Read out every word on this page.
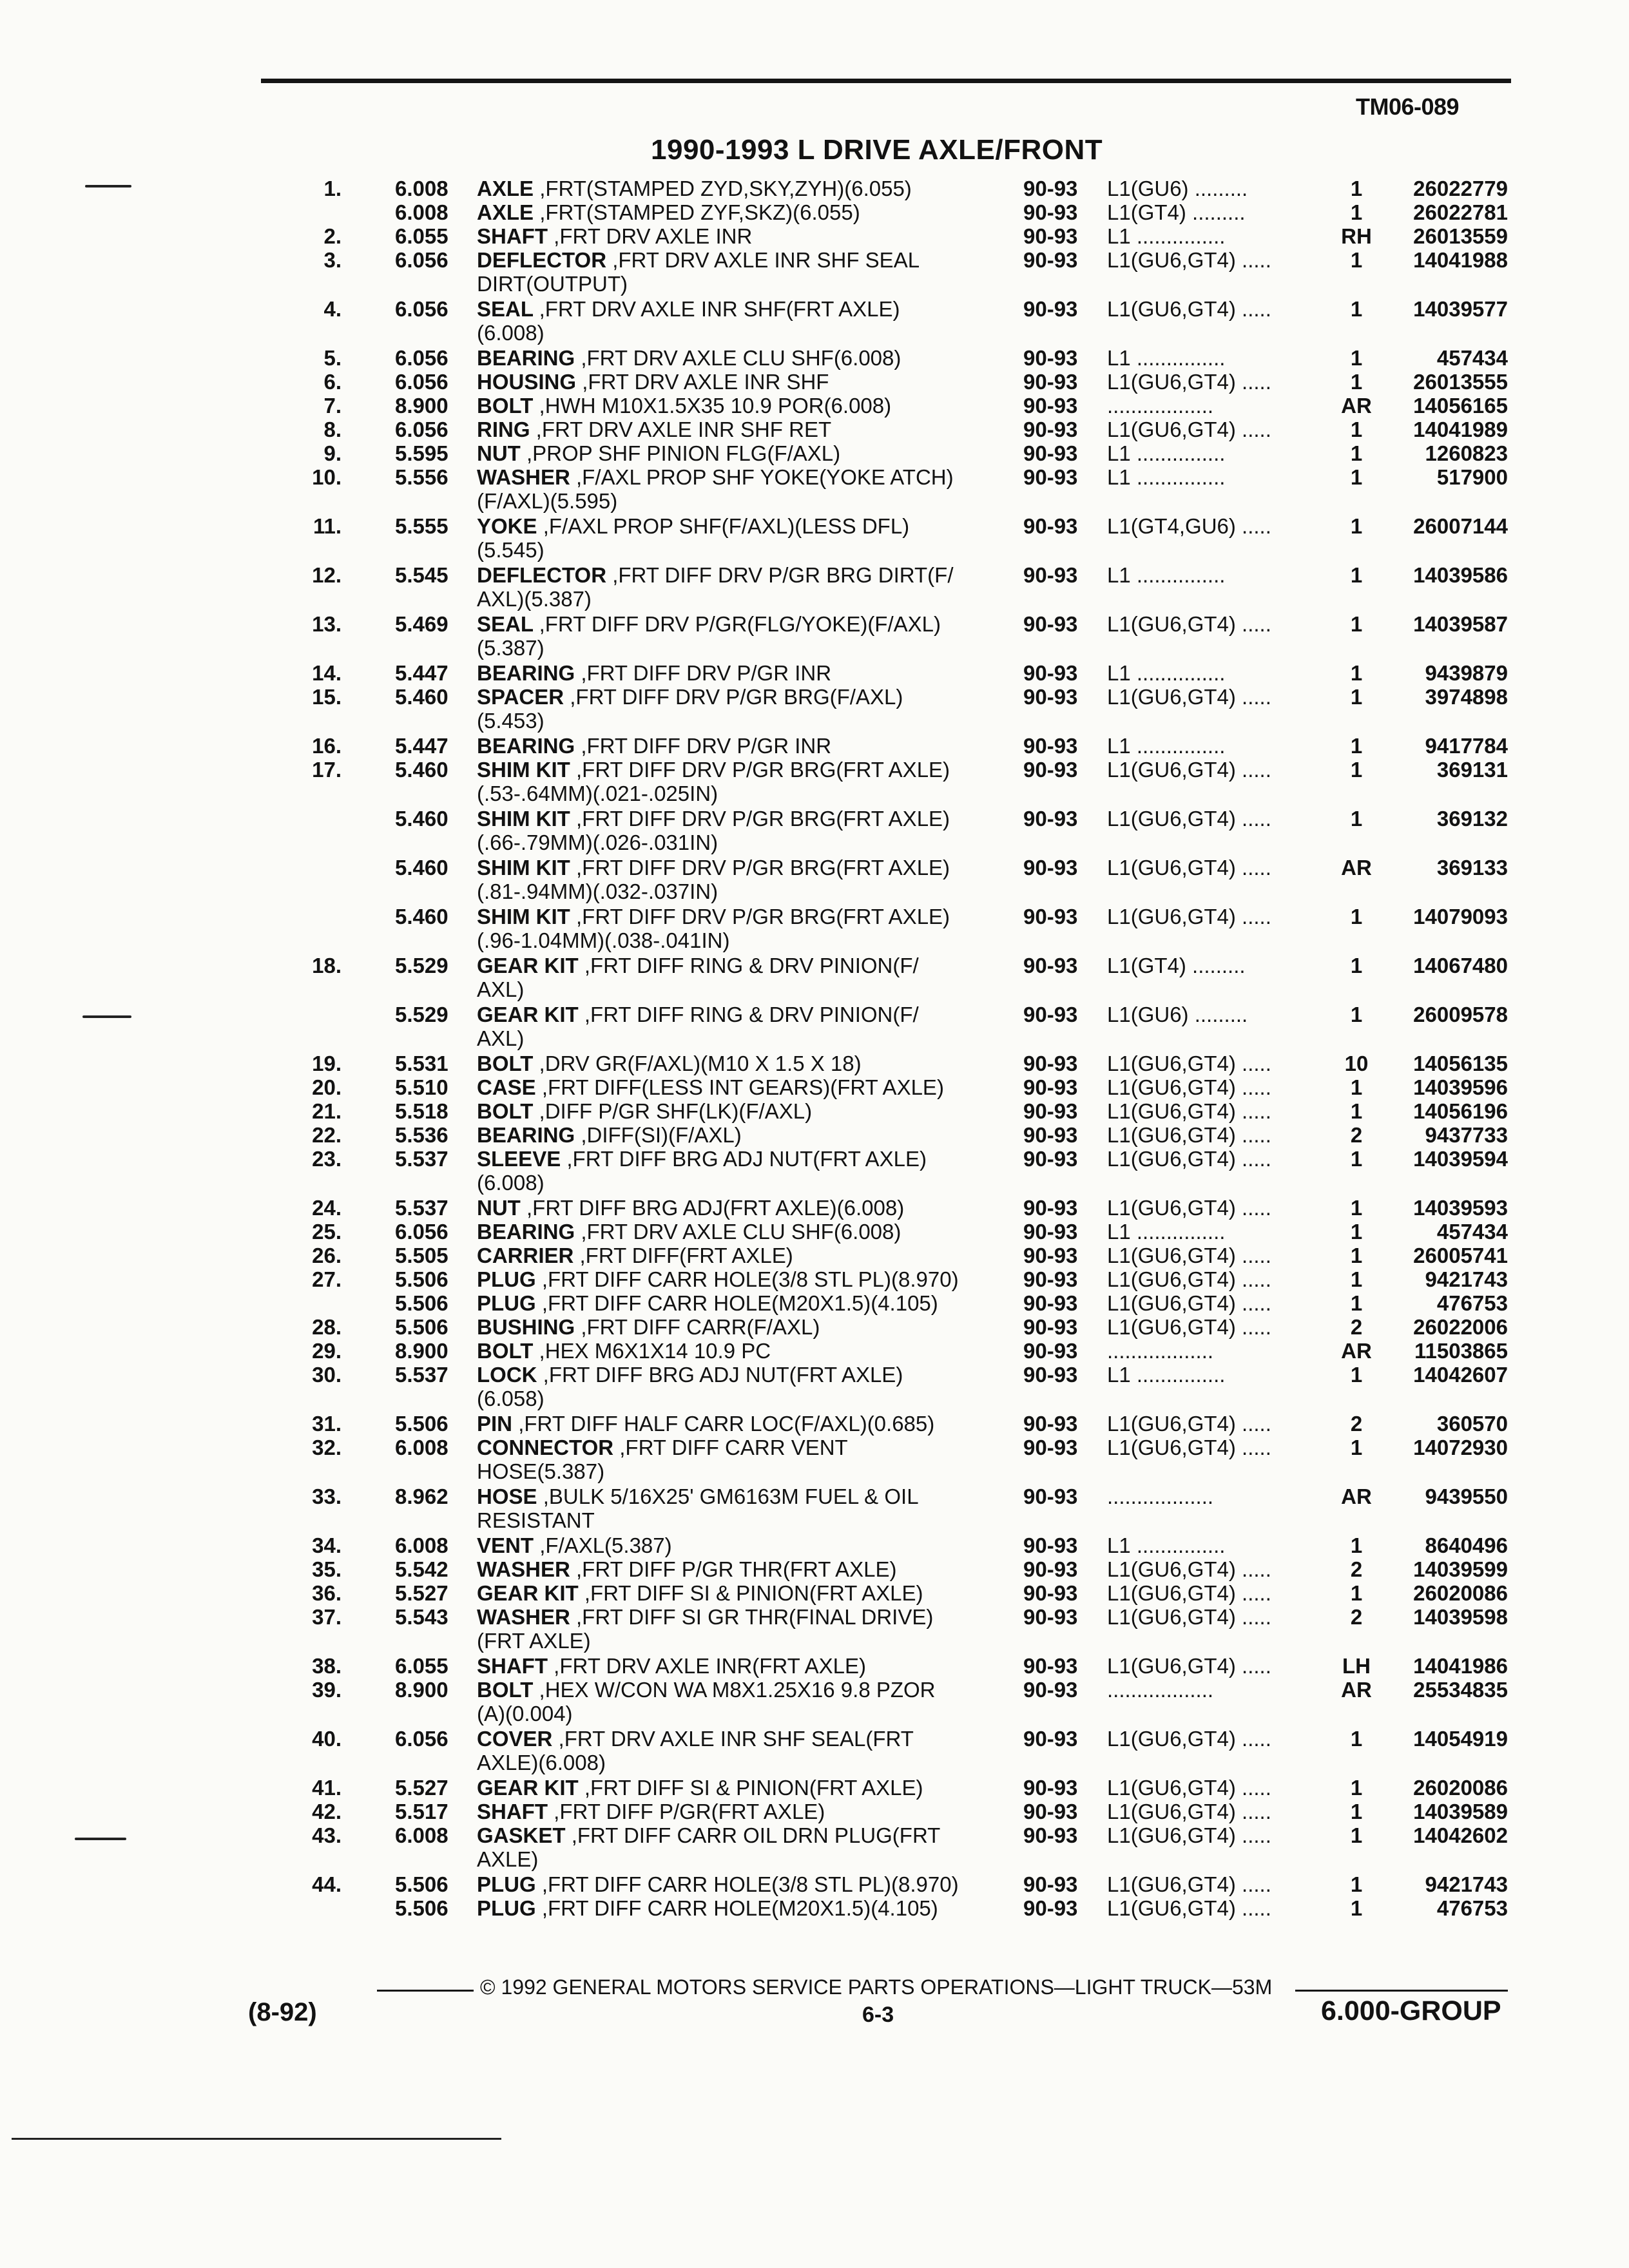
TM06-089
1990-1993 L DRIVE AXLE/FRONT
1.	6.008 AXLE ,FRT(STAMPED ZYD,SKY,ZYH)(6.055)	90-93 L1(GU6) .........	1	26022779
6.008 AXLE ,FRT(STAMPED ZYF,SKZ)(6.055)	90-93 L1(GT4) .........	1	26022781
2.	6.055 SHAFT ,FRT DRV AXLE INR	90-93 L1 ...............	RH	26013559
3.	6.056 DEFLECTOR ,FRT DRV AXLE INR SHF SEAL
DIRT(OUTPUT)
90-93 L1(GU6,GT4) .....	1	14041988
4.	6.056 SEAL ,FRT DRV AXLE INR SHF(FRT AXLE)
(6.008)
90-93 L1(GU6,GT4) .....	1	14039577
5.	6.056 BEARING ,FRT DRV AXLE CLU SHF(6.008)	90-93 L1 ...............	1	457434
6.	6.056 HOUSING ,FRT DRV AXLE INR SHF	90-93 L1(GU6,GT4) .....	1	26013555
7.	8.900 BOLT ,HWH M10X1.5X35 10.9 POR(6.008)	90-93 ..................	AR	14056165
8.	6.056 RING ,FRT DRV AXLE INR SHF RET	90-93 L1(GU6,GT4) .....	1	14041989
9.	5.595 NUT ,PROP SHF PINION FLG(F/AXL)	90-93 L1 ...............	1	1260823
10.	5.556 WASHER ,F/AXL PROP SHF YOKE(YOKE ATCH)
(F/AXL)(5.595)
90-93 L1 ...............	1	517900
11.	5.555 YOKE ,F/AXL PROP SHF(F/AXL)(LESS DFL)
(5.545)
90-93 L1(GT4,GU6) .....	1	26007144
12.	5.545 DEFLECTOR ,FRT DIFF DRV P/GR BRG DIRT(F/
AXL)(5.387)
90-93 L1 ...............	1	14039586
13.	5.469 SEAL ,FRT DIFF DRV P/GR(FLG/YOKE)(F/AXL)
(5.387)
90-93 L1(GU6,GT4) .....	1	14039587
14.	5.447 BEARING ,FRT DIFF DRV P/GR INR	90-93 L1 ...............	1	9439879
15.	5.460 SPACER ,FRT DIFF DRV P/GR BRG(F/AXL)
(5.453)
90-93 L1(GU6,GT4) .....	1	3974898
16.	5.447 BEARING ,FRT DIFF DRV P/GR INR	90-93 L1 ...............	1	9417784
17.	5.460 SHIM KIT ,FRT DIFF DRV P/GR BRG(FRT AXLE)
(.53-.64MM)(.021-.025IN)
90-93 L1(GU6,GT4) .....	1	369131
5.460 SHIM KIT ,FRT DIFF DRV P/GR BRG(FRT AXLE)
(.66-.79MM)(.026-.031IN)
90-93 L1(GU6,GT4) .....	1	369132
5.460 SHIM KIT ,FRT DIFF DRV P/GR BRG(FRT AXLE)
(.81-.94MM)(.032-.037IN)
90-93 L1(GU6,GT4) .....	AR	369133
5.460 SHIM KIT ,FRT DIFF DRV P/GR BRG(FRT AXLE)
(.96-1.04MM)(.038-.041IN)
90-93 L1(GU6,GT4) .....	1	14079093
18.	5.529 GEAR KIT ,FRT DIFF RING & DRV PINION(F/
AXL)
90-93 L1(GT4) .........	1	14067480
5.529 GEAR KIT ,FRT DIFF RING & DRV PINION(F/
AXL)
90-93 L1(GU6) .........	1	26009578
19.	5.531 BOLT ,DRV GR(F/AXL)(M10 X 1.5 X 18)	90-93 L1(GU6,GT4) .....	10	14056135
20.	5.510 CASE ,FRT DIFF(LESS INT GEARS)(FRT AXLE)	90-93 L1(GU6,GT4) .....	1	14039596
21.	5.518 BOLT ,DIFF P/GR SHF(LK)(F/AXL)	90-93 L1(GU6,GT4) .....	1	14056196
22.	5.536 BEARING ,DIFF(SI)(F/AXL)	90-93 L1(GU6,GT4) .....	2	9437733
23.	5.537 SLEEVE ,FRT DIFF BRG ADJ NUT(FRT AXLE)
(6.008)
90-93 L1(GU6,GT4) .....	1	14039594
24.	5.537 NUT ,FRT DIFF BRG ADJ(FRT AXLE)(6.008)	90-93 L1(GU6,GT4) .....	1	14039593
25.	6.056 BEARING ,FRT DRV AXLE CLU SHF(6.008)	90-93 L1 ...............	1	457434
26.	5.505 CARRIER ,FRT DIFF(FRT AXLE)	90-93 L1(GU6,GT4) .....	1	26005741
27.	5.506 PLUG ,FRT DIFF CARR HOLE(3/8 STL PL)(8.970)	90-93 L1(GU6,GT4) .....	1	9421743
5.506 PLUG ,FRT DIFF CARR HOLE(M20X1.5)(4.105)	90-93 L1(GU6,GT4) .....	1	476753
28.	5.506 BUSHING ,FRT DIFF CARR(F/AXL)	90-93 L1(GU6,GT4) .....	2	26022006
29.	8.900 BOLT ,HEX M6X1X14 10.9 PC	90-93 ..................	AR	11503865
30.	5.537 LOCK ,FRT DIFF BRG ADJ NUT(FRT AXLE)
(6.058)
90-93 L1 ...............	1	14042607
31.	5.506 PIN ,FRT DIFF HALF CARR LOC(F/AXL)(0.685)	90-93 L1(GU6,GT4) .....	2	360570
32.	6.008 CONNECTOR ,FRT DIFF CARR VENT
HOSE(5.387)
90-93 L1(GU6,GT4) .....	1	14072930
33.	8.962 HOSE ,BULK 5/16X25' GM6163M FUEL & OIL
RESISTANT
90-93 ..................	AR	9439550
34.	6.008 VENT ,F/AXL(5.387)	90-93 L1 ...............	1	8640496
35.	5.542 WASHER ,FRT DIFF P/GR THR(FRT AXLE)	90-93 L1(GU6,GT4) .....	2	14039599
36.	5.527 GEAR KIT ,FRT DIFF SI & PINION(FRT AXLE)	90-93 L1(GU6,GT4) .....	1	26020086
37.	5.543 WASHER ,FRT DIFF SI GR THR(FINAL DRIVE)
(FRT AXLE)
90-93 L1(GU6,GT4) .....	2	14039598
38.	6.055 SHAFT ,FRT DRV AXLE INR(FRT AXLE)	90-93 L1(GU6,GT4) .....	LH	14041986
39.	8.900 BOLT ,HEX W/CON WA M8X1.25X16 9.8 PZOR
(A)(0.004)
90-93 ..................	AR	25534835
40.	6.056 COVER ,FRT DRV AXLE INR SHF SEAL(FRT
AXLE)(6.008)
90-93 L1(GU6,GT4) .....	1	14054919
41.	5.527 GEAR KIT ,FRT DIFF SI & PINION(FRT AXLE)	90-93 L1(GU6,GT4) .....	1	26020086
42.	5.517 SHAFT ,FRT DIFF P/GR(FRT AXLE)	90-93 L1(GU6,GT4) .....	1	14039589
43.	6.008 GASKET ,FRT DIFF CARR OIL DRN PLUG(FRT
AXLE)
90-93 L1(GU6,GT4) .....	1	14042602
44.	5.506 PLUG ,FRT DIFF CARR HOLE(3/8 STL PL)(8.970)	90-93 L1(GU6,GT4) .....	1	9421743
5.506 PLUG ,FRT DIFF CARR HOLE(M20X1.5)(4.105)	90-93 L1(GU6,GT4) .....	1	476753
© 1992 GENERAL MOTORS SERVICE PARTS OPERATIONS—LIGHT TRUCK—53M
(8-92)	6-3	6.000-GROUP
